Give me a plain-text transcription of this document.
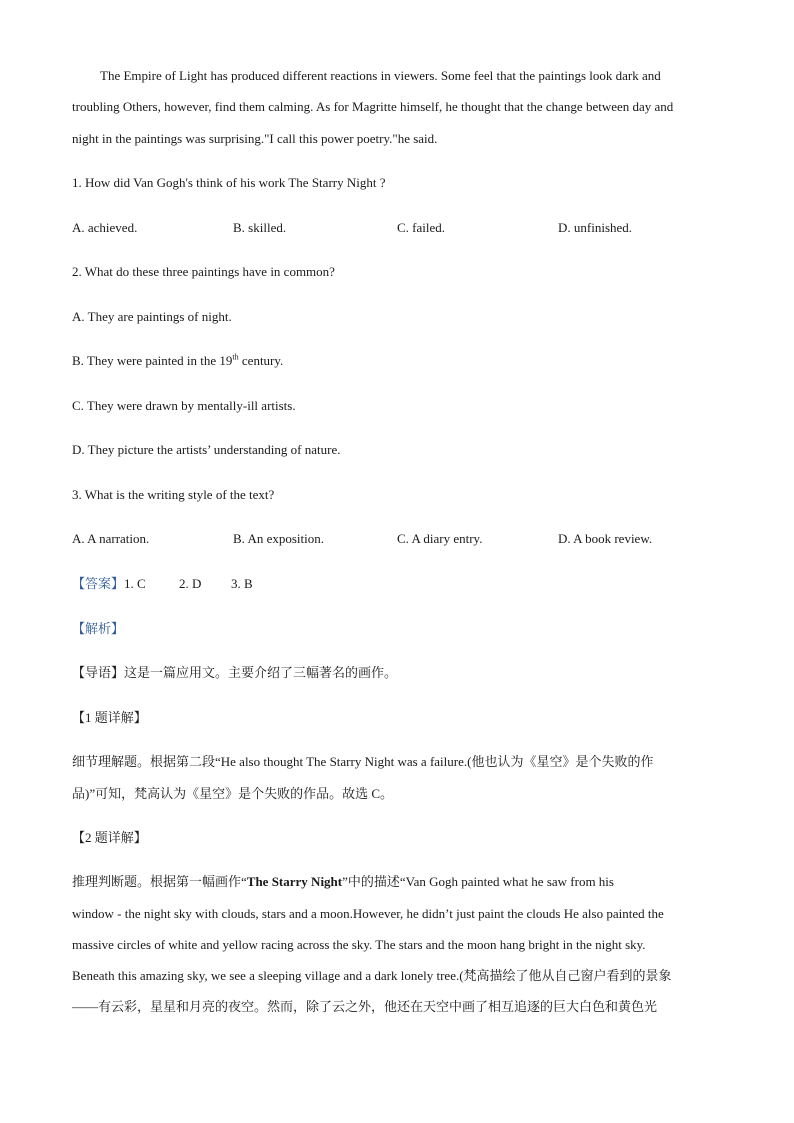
The Empire of Light has produced different reactions in viewers. Some feel that the paintings look dark and
troubling Others, however, find them calming. As for Magritte himself, he thought that the change between day and
night in the paintings was surprising."I call this power poetry."he said.
1. How did Van Gogh's think of his work The Starry Night ?
A. achieved.	B. skilled.	C. failed.	D. unfinished.
2. What do these three paintings have in common?
A. They are paintings of night.
B. They were painted in the 19th century.
C. They were drawn by mentally-ill artists.
D. They picture the artists’ understanding of nature.
3. What is the writing style of the text?
A. A narration.	B. An exposition.	C. A diary entry.	D. A book review.
【答案】1. C	2. D 3. B
【解析】
【导语】这是一篇应用文。主要介绍了三幅著名的画作。
【1 题详解】
细节理解题。根据第二段“He also thought The Starry Night was a failure.(他也认为《星空》是个失败的作
品)”可知，梵高认为《星空》是个失败的作品。故选 C。
【2 题详解】
推理判断题。根据第一幅画作“The Starry Night”中的描述“Van Gogh painted what he saw from his
window - the night sky with clouds, stars and a moon.However, he didn’t just paint the clouds He also painted the
massive circles of white and yellow racing across the sky. The stars and the moon hang bright in the night sky.
Beneath this amazing sky, we see a sleeping village and a dark lonely tree.(梵高描绘了他从自己窗户看到的景象
——有云彩，星星和月亮的夜空。然而，除了云之外，他还在天空中画了相互追逐的巨大白色和黄色光
